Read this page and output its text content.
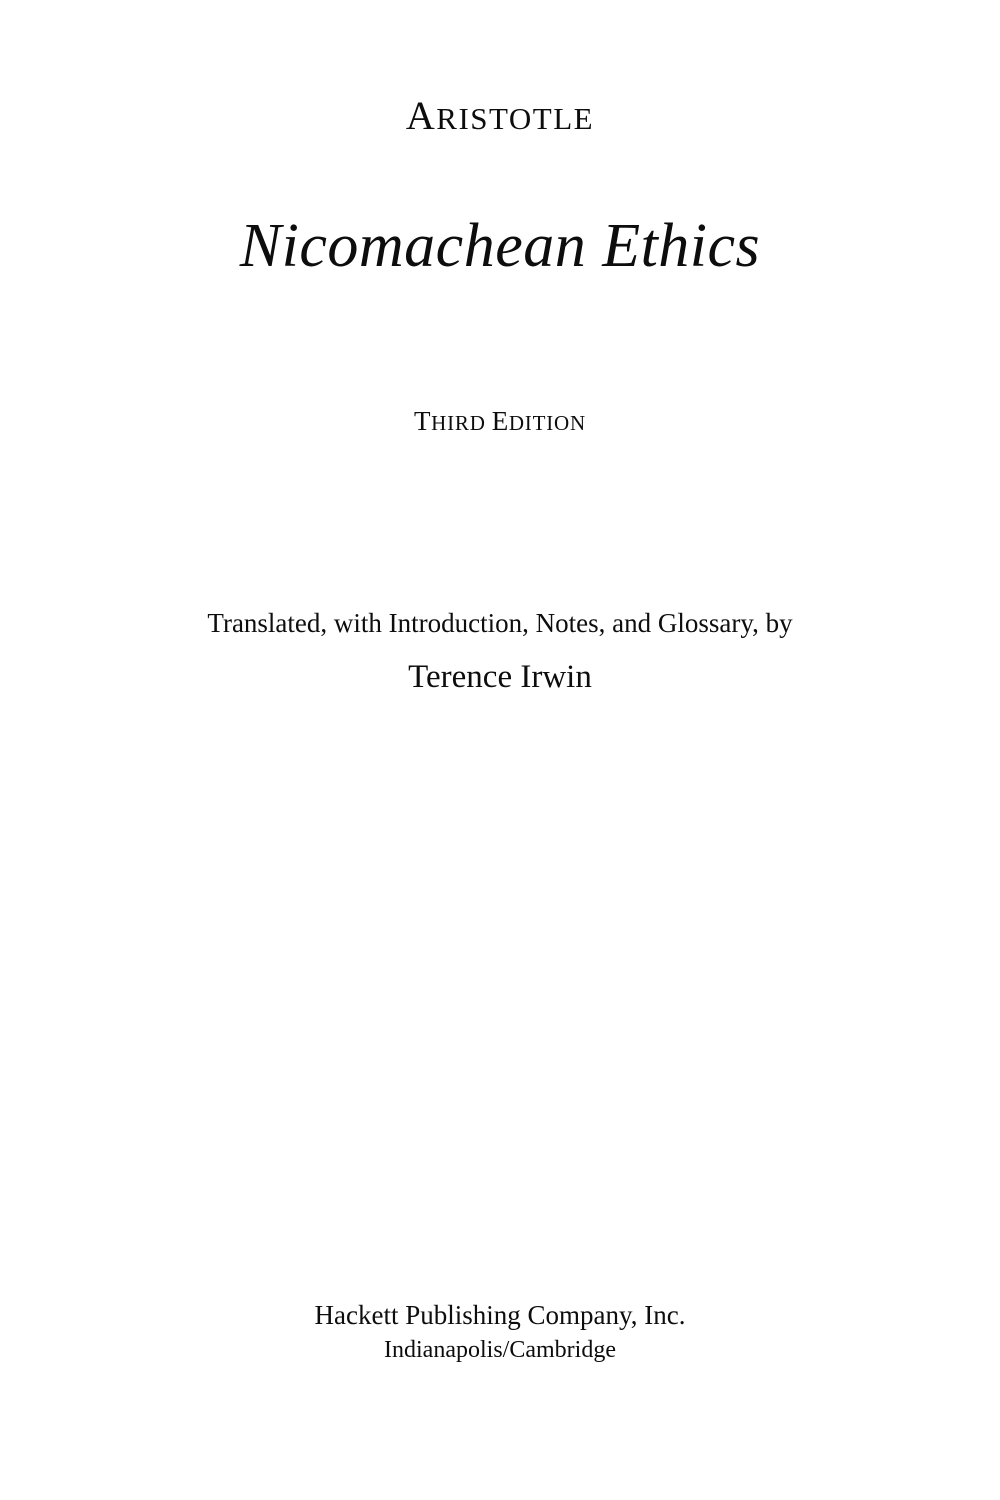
ARISTOTLE
Nicomachean Ethics
THIRD EDITION
Translated, with Introduction, Notes, and Glossary, by
Terence Irwin
Hackett Publishing Company, Inc.
Indianapolis/Cambridge
